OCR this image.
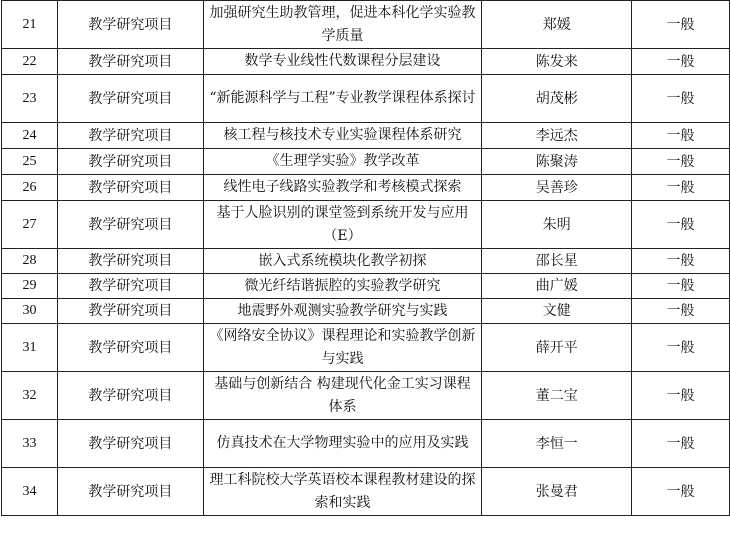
21	教学研究项目	加强研究生助教管理，促进本科化学实验教学质量	郑媛	一般
22	教学研究项目	数学专业线性代数课程分层建设	陈发来	一般
23	教学研究项目	“新能源科学与工程”专业教学课程体系探讨	胡茂彬	一般
24	教学研究项目	核工程与核技术专业实验课程体系研究	李远杰	一般
25	教学研究项目	《生理学实验》教学改革	陈聚涛	一般
26	教学研究项目	线性电子线路实验教学和考核模式探索	吴善珍	一般
27	教学研究项目	基于人脸识别的课堂签到系统开发与应用（E）	朱明	一般
28	教学研究项目	嵌入式系统模块化教学初探	邵长星	一般
29	教学研究项目	微光纤结谐振腔的实验教学研究	曲广媛	一般
30	教学研究项目	地震野外观测实验教学研究与实践	文健	一般
31	教学研究项目	《网络安全协议》课程理论和实验教学创新与实践	薛开平	一般
32	教学研究项目	基础与创新结合 构建现代化金工实习课程体系	董二宝	一般
33	教学研究项目	仿真技术在大学物理实验中的应用及实践	李恒一	一般
34	教学研究项目	理工科院校大学英语校本课程教材建设的探索和实践	张曼君	一般
